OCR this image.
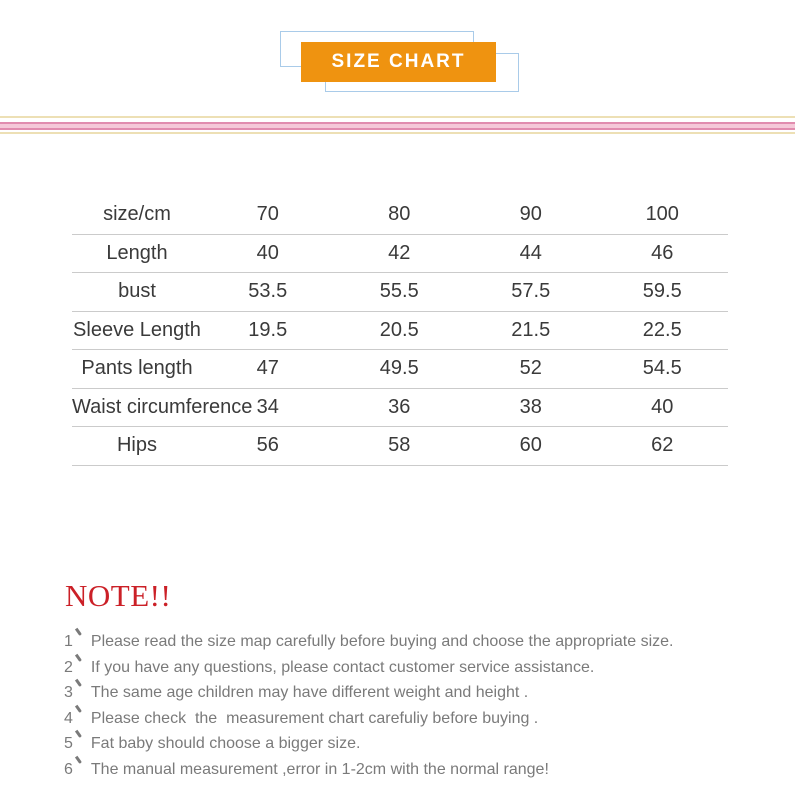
SIZE CHART
size/cm	70	80	90	100
Length	40	42	44	46
bust	53.5	55.5	57.5	59.5
Sleeve Length	19.5	20.5	21.5	22.5
Pants length	47	49.5	52	54.5
Waist circumference 34	36	38	40
Hips	56	58	60	62
NOTE!!
1	Please read the size map carefully before buying and choose the appropriate size.
2	If you have any questions, please contact customer service assistance.
3	The same age children may have different weight and height .
4	Please check  the  measurement chart carefuliy before buying .
5	Fat baby should choose a bigger size.
6	The manual measurement ,error in 1-2cm with the normal range!
